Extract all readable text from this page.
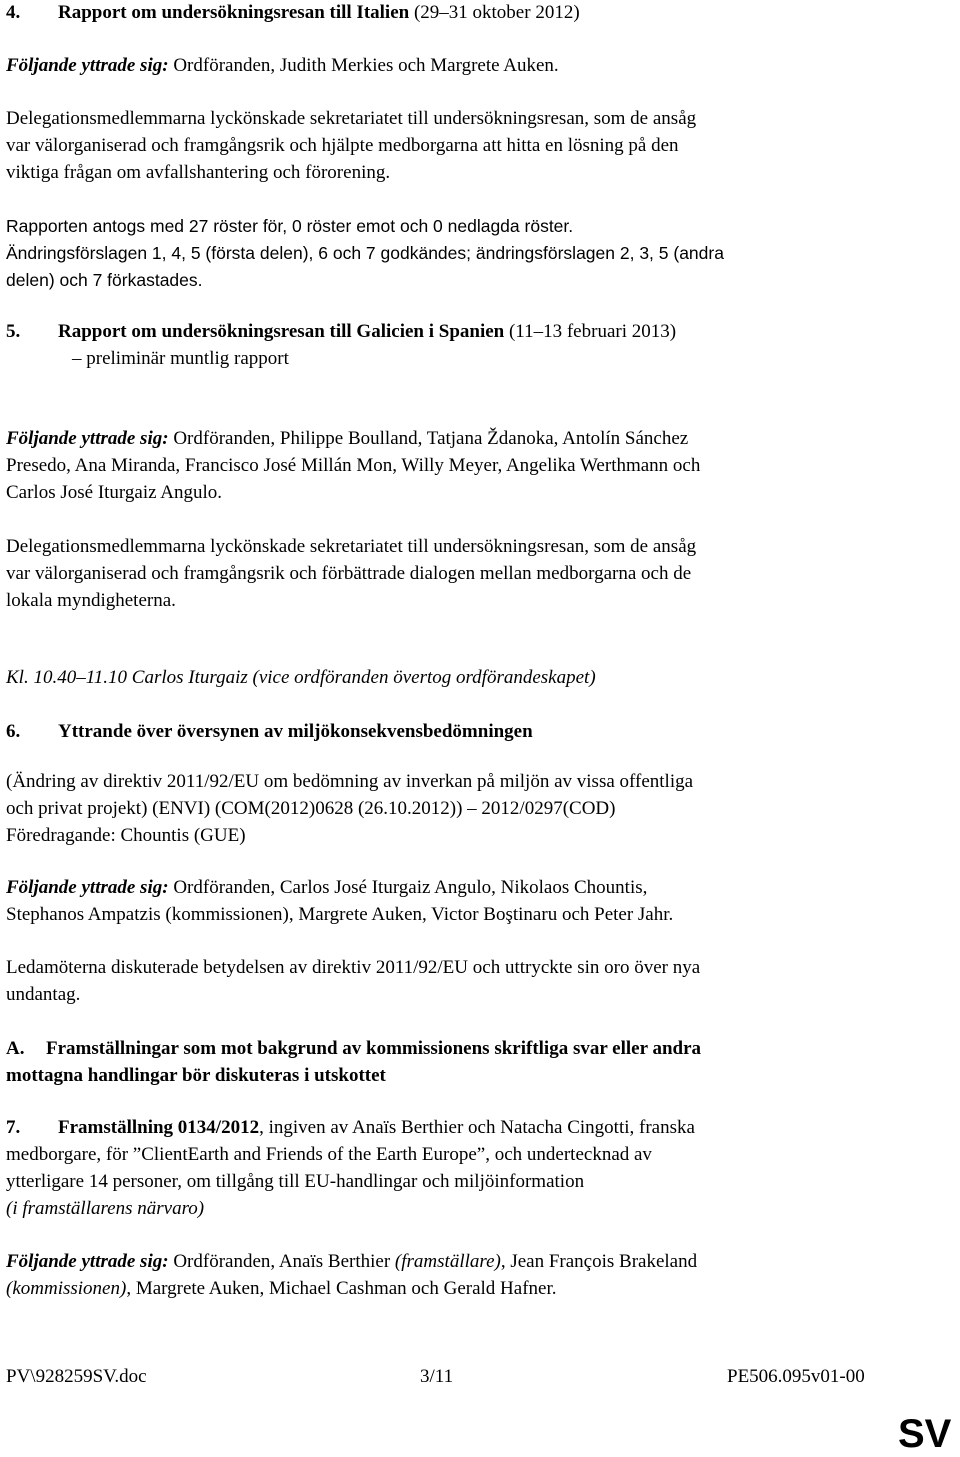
4. Rapport om undersökningsresan till Italien (29–31 oktober 2012)
Följande yttrade sig: Ordföranden, Judith Merkies och Margrete Auken.
Delegationsmedlemmarna lyckönskade sekretariatet till undersökningsresan, som de ansåg
var välorganiserad och framgångsrik och hjälpte medborgarna att hitta en lösning på den
viktiga frågan om avfallshantering och förorening.
Rapporten antogs med 27 röster för, 0 röster emot och 0 nedlagda röster.
Ändringsförslagen 1, 4, 5 (första delen), 6 och 7 godkändes; ändringsförslagen 2, 3, 5 (andra
delen) och 7 förkastades.
5. Rapport om undersökningsresan till Galicien i Spanien (11–13 februari 2013)
– preliminär muntlig rapport
Följande yttrade sig: Ordföranden, Philippe Boulland, Tatjana Ždanoka, Antolín Sánchez
Presedo, Ana Miranda, Francisco José Millán Mon, Willy Meyer, Angelika Werthmann och
Carlos José Iturgaiz Angulo.
Delegationsmedlemmarna lyckönskade sekretariatet till undersökningsresan, som de ansåg
var välorganiserad och framgångsrik och förbättrade dialogen mellan medborgarna och de
lokala myndigheterna.
Kl. 10.40–11.10 Carlos Iturgaiz (vice ordföranden övertog ordförandeskapet)
6. Yttrande över översynen av miljökonsekvensbedömningen
(Ändring av direktiv 2011/92/EU om bedömning av inverkan på miljön av vissa offentliga
och privat projekt) (ENVI) (COM(2012)0628 (26.10.2012)) – 2012/0297(COD)
Föredragande: Chountis (GUE)
Följande yttrade sig: Ordföranden, Carlos José Iturgaiz Angulo, Nikolaos Chountis,
Stephanos Ampatzis (kommissionen), Margrete Auken, Victor Boştinaru och Peter Jahr.
Ledamöterna diskuterade betydelsen av direktiv 2011/92/EU och uttryckte sin oro över nya
undantag.
A. Framställningar som mot bakgrund av kommissionens skriftliga svar eller andra
mottagna handlingar bör diskuteras i utskottet
7. Framställning 0134/2012, ingiven av Anaïs Berthier och Natacha Cingotti, franska
medborgare, för ”ClientEarth and Friends of the Earth Europe”, och undertecknad av
ytterligare 14 personer, om tillgång till EU-handlingar och miljöinformation
(i framställarens närvaro)
Följande yttrade sig: Ordföranden, Anaïs Berthier (framställare), Jean François Brakeland
(kommissionen), Margrete Auken, Michael Cashman och Gerald Hafner.
PV\928259SV.doc	3/11	PE506.095v01-00
SV
